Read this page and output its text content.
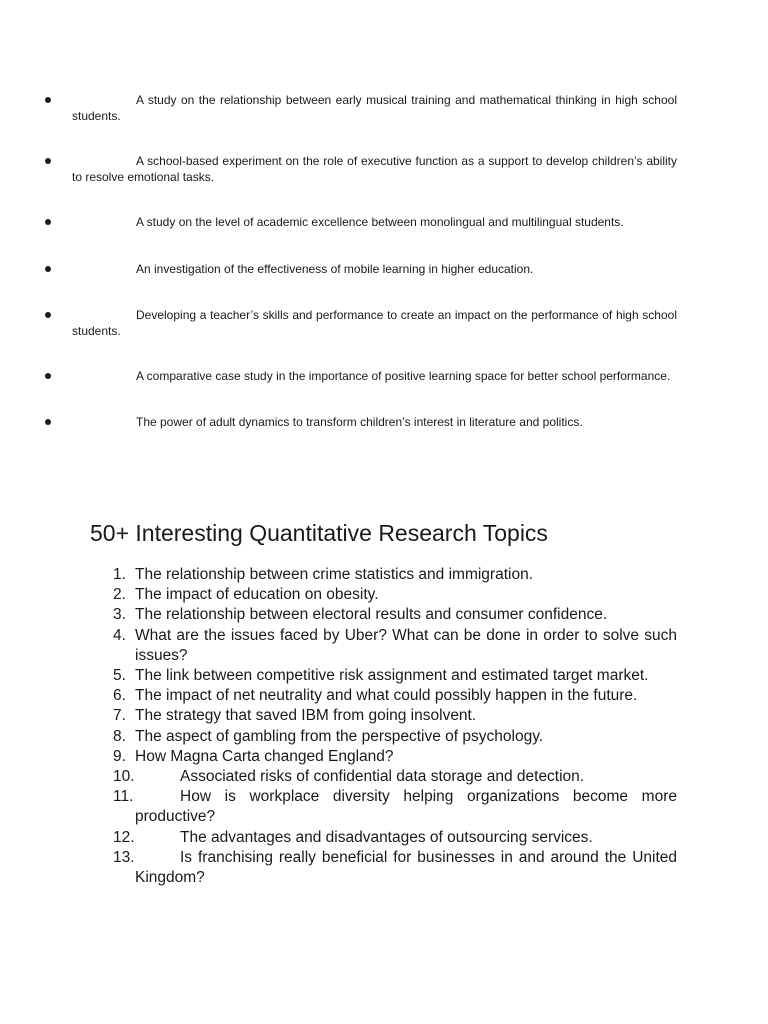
A study on the relationship between early musical training and mathematical thinking in high school students.
A school-based experiment on the role of executive function as a support to develop children’s ability to resolve emotional tasks.
A study on the level of academic excellence between monolingual and multilingual students.
An investigation of the effectiveness of mobile learning in higher education.
Developing a teacher’s skills and performance to create an impact on the performance of high school students.
A comparative case study in the importance of positive learning space for better school performance.
The power of adult dynamics to transform children’s interest in literature and politics.
50+ Interesting Quantitative Research Topics
1. The relationship between crime statistics and immigration.
2. The impact of education on obesity.
3. The relationship between electoral results and consumer confidence.
4. What are the issues faced by Uber? What can be done in order to solve such issues?
5. The link between competitive risk assignment and estimated target market.
6. The impact of net neutrality and what could possibly happen in the future.
7. The strategy that saved IBM from going insolvent.
8. The aspect of gambling from the perspective of psychology.
9. How Magna Carta changed England?
10.	Associated risks of confidential data storage and detection.
11.	How is workplace diversity helping organizations become more productive?
12.	The advantages and disadvantages of outsourcing services.
13.	Is franchising really beneficial for businesses in and around the United Kingdom?
